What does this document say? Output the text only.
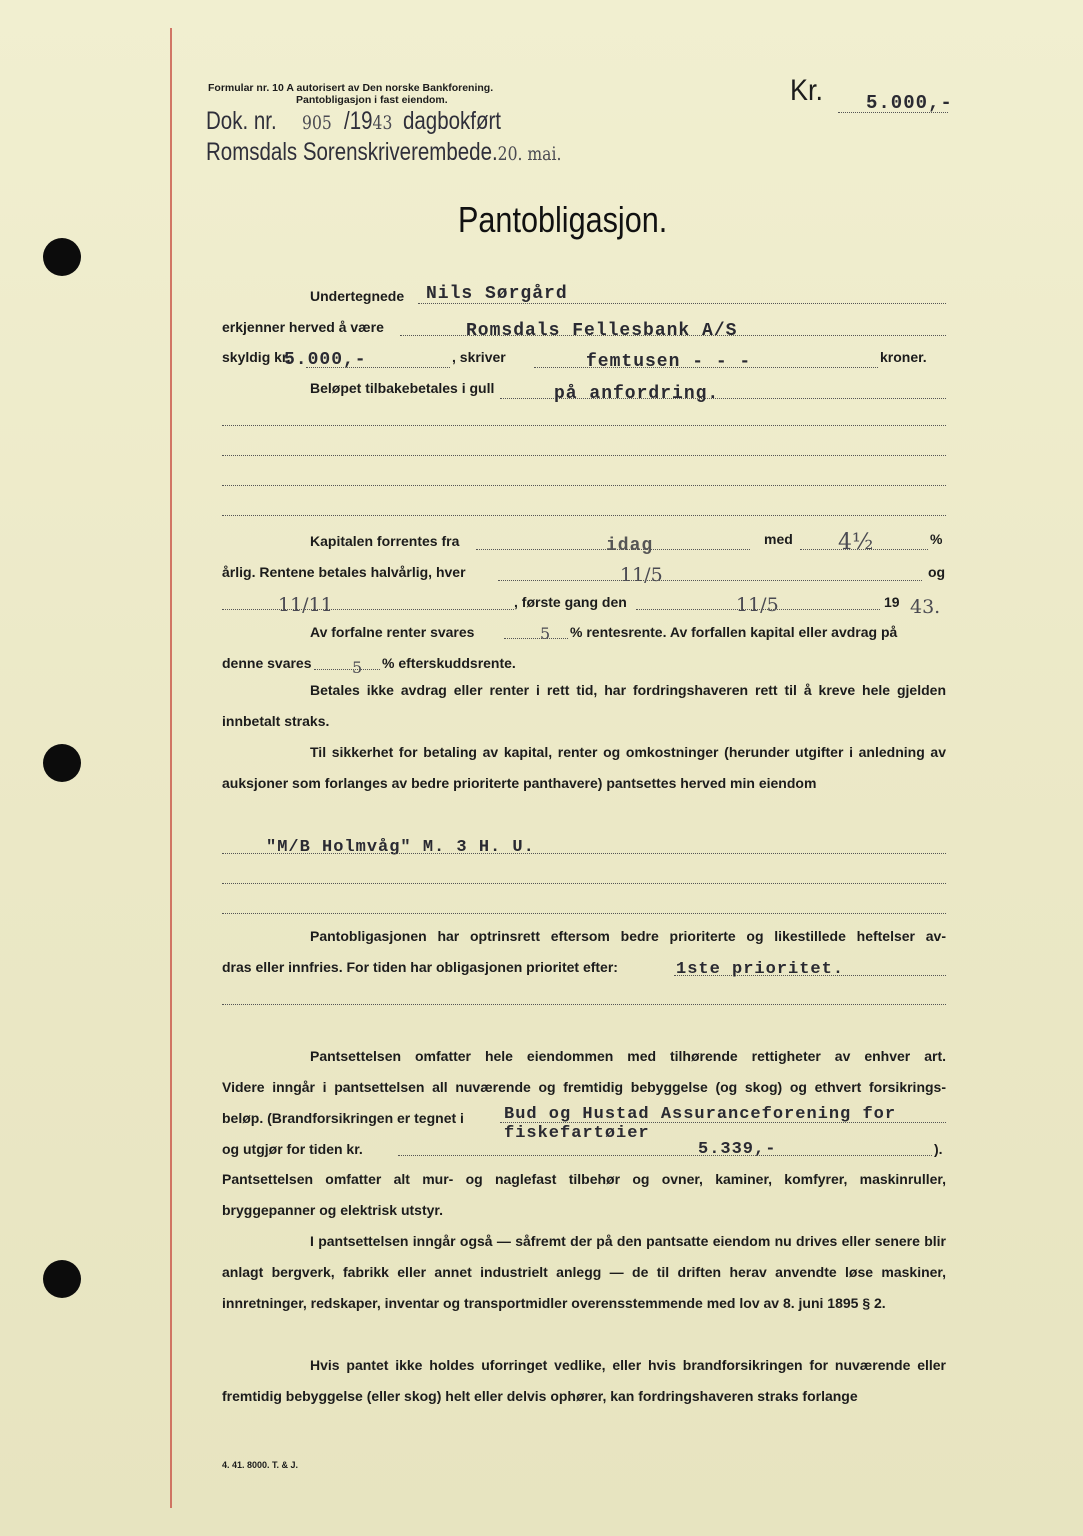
Formular nr. 10 A autorisert av Den norske Bankforening.
Pantobligasjon i fast eiendom.
Dok. nr. 905 /1943 dagbokført
Romsdals Sorenskriverembede.20. mai.
Kr. 5.000,-
Pantobligasjon.
Undertegnede Nils Sørgård
erkjenner herved å være	Romsdals Fellesbank A/S
skyldig kr.
5.000,-	, skriver	femtusen - - -	kroner.
Beløpet tilbakebetales i gull	på anfordring.
Kapitalen forrentes fra	idag	med 4½	%
årlig. Rentene betales halvårlig, hver	11/5	og
11/11	, første gang den	11/5	19 43.
Av forfalne renter svares	5 % rentesrente. Av forfallen kapital eller avdrag på
denne svares	5 % efterskuddsrente.

Betales ikke avdrag eller renter i rett tid, har fordringshaveren rett til å kreve hele gjelden innbetalt straks.

Til sikkerhet for betaling av kapital, renter og omkostninger (herunder utgifter i anledning av auksjoner som forlanges av bedre prioriterte panthavere) pantsettes herved min eiendom

"M/B Holmvåg" M. 3 H. U.
Pantobligasjonen har optrinsrett eftersom bedre prioriterte og likestillede heftelser av-
dras eller innfries. For tiden har obligasjonen prioritet efter:	1ste prioritet.
Pantsettelsen omfatter hele eiendommen med tilhørende rettigheter av enhver art.
Videre inngår i pantsettelsen all nuværende og fremtidig bebyggelse (og skog) og ethvert forsikrings-
beløp. (Brandforsikringen er tegnet i Bud og Hustad Assuranceforening for
fiskefartøier
og utgjør for tiden kr.	5.339,-	).

Pantsettelsen omfatter alt mur- og naglefast tilbehør og ovner, kaminer, komfyrer, maskinruller, bryggepanner og elektrisk utstyr.

I pantsettelsen inngår også — såfremt der på den pantsatte eiendom nu drives eller senere blir anlagt bergverk, fabrikk eller annet industrielt anlegg — de til driften herav anvendte løse maskiner, innretninger, redskaper, inventar og transportmidler overensstemmende med lov av 8. juni 1895 § 2.

Hvis pantet ikke holdes uforringet vedlike, eller hvis brandforsikringen for nuværende eller fremtidig bebyggelse (eller skog) helt eller delvis ophører, kan fordringshaveren straks forlange

4. 41. 8000. T. & J.
